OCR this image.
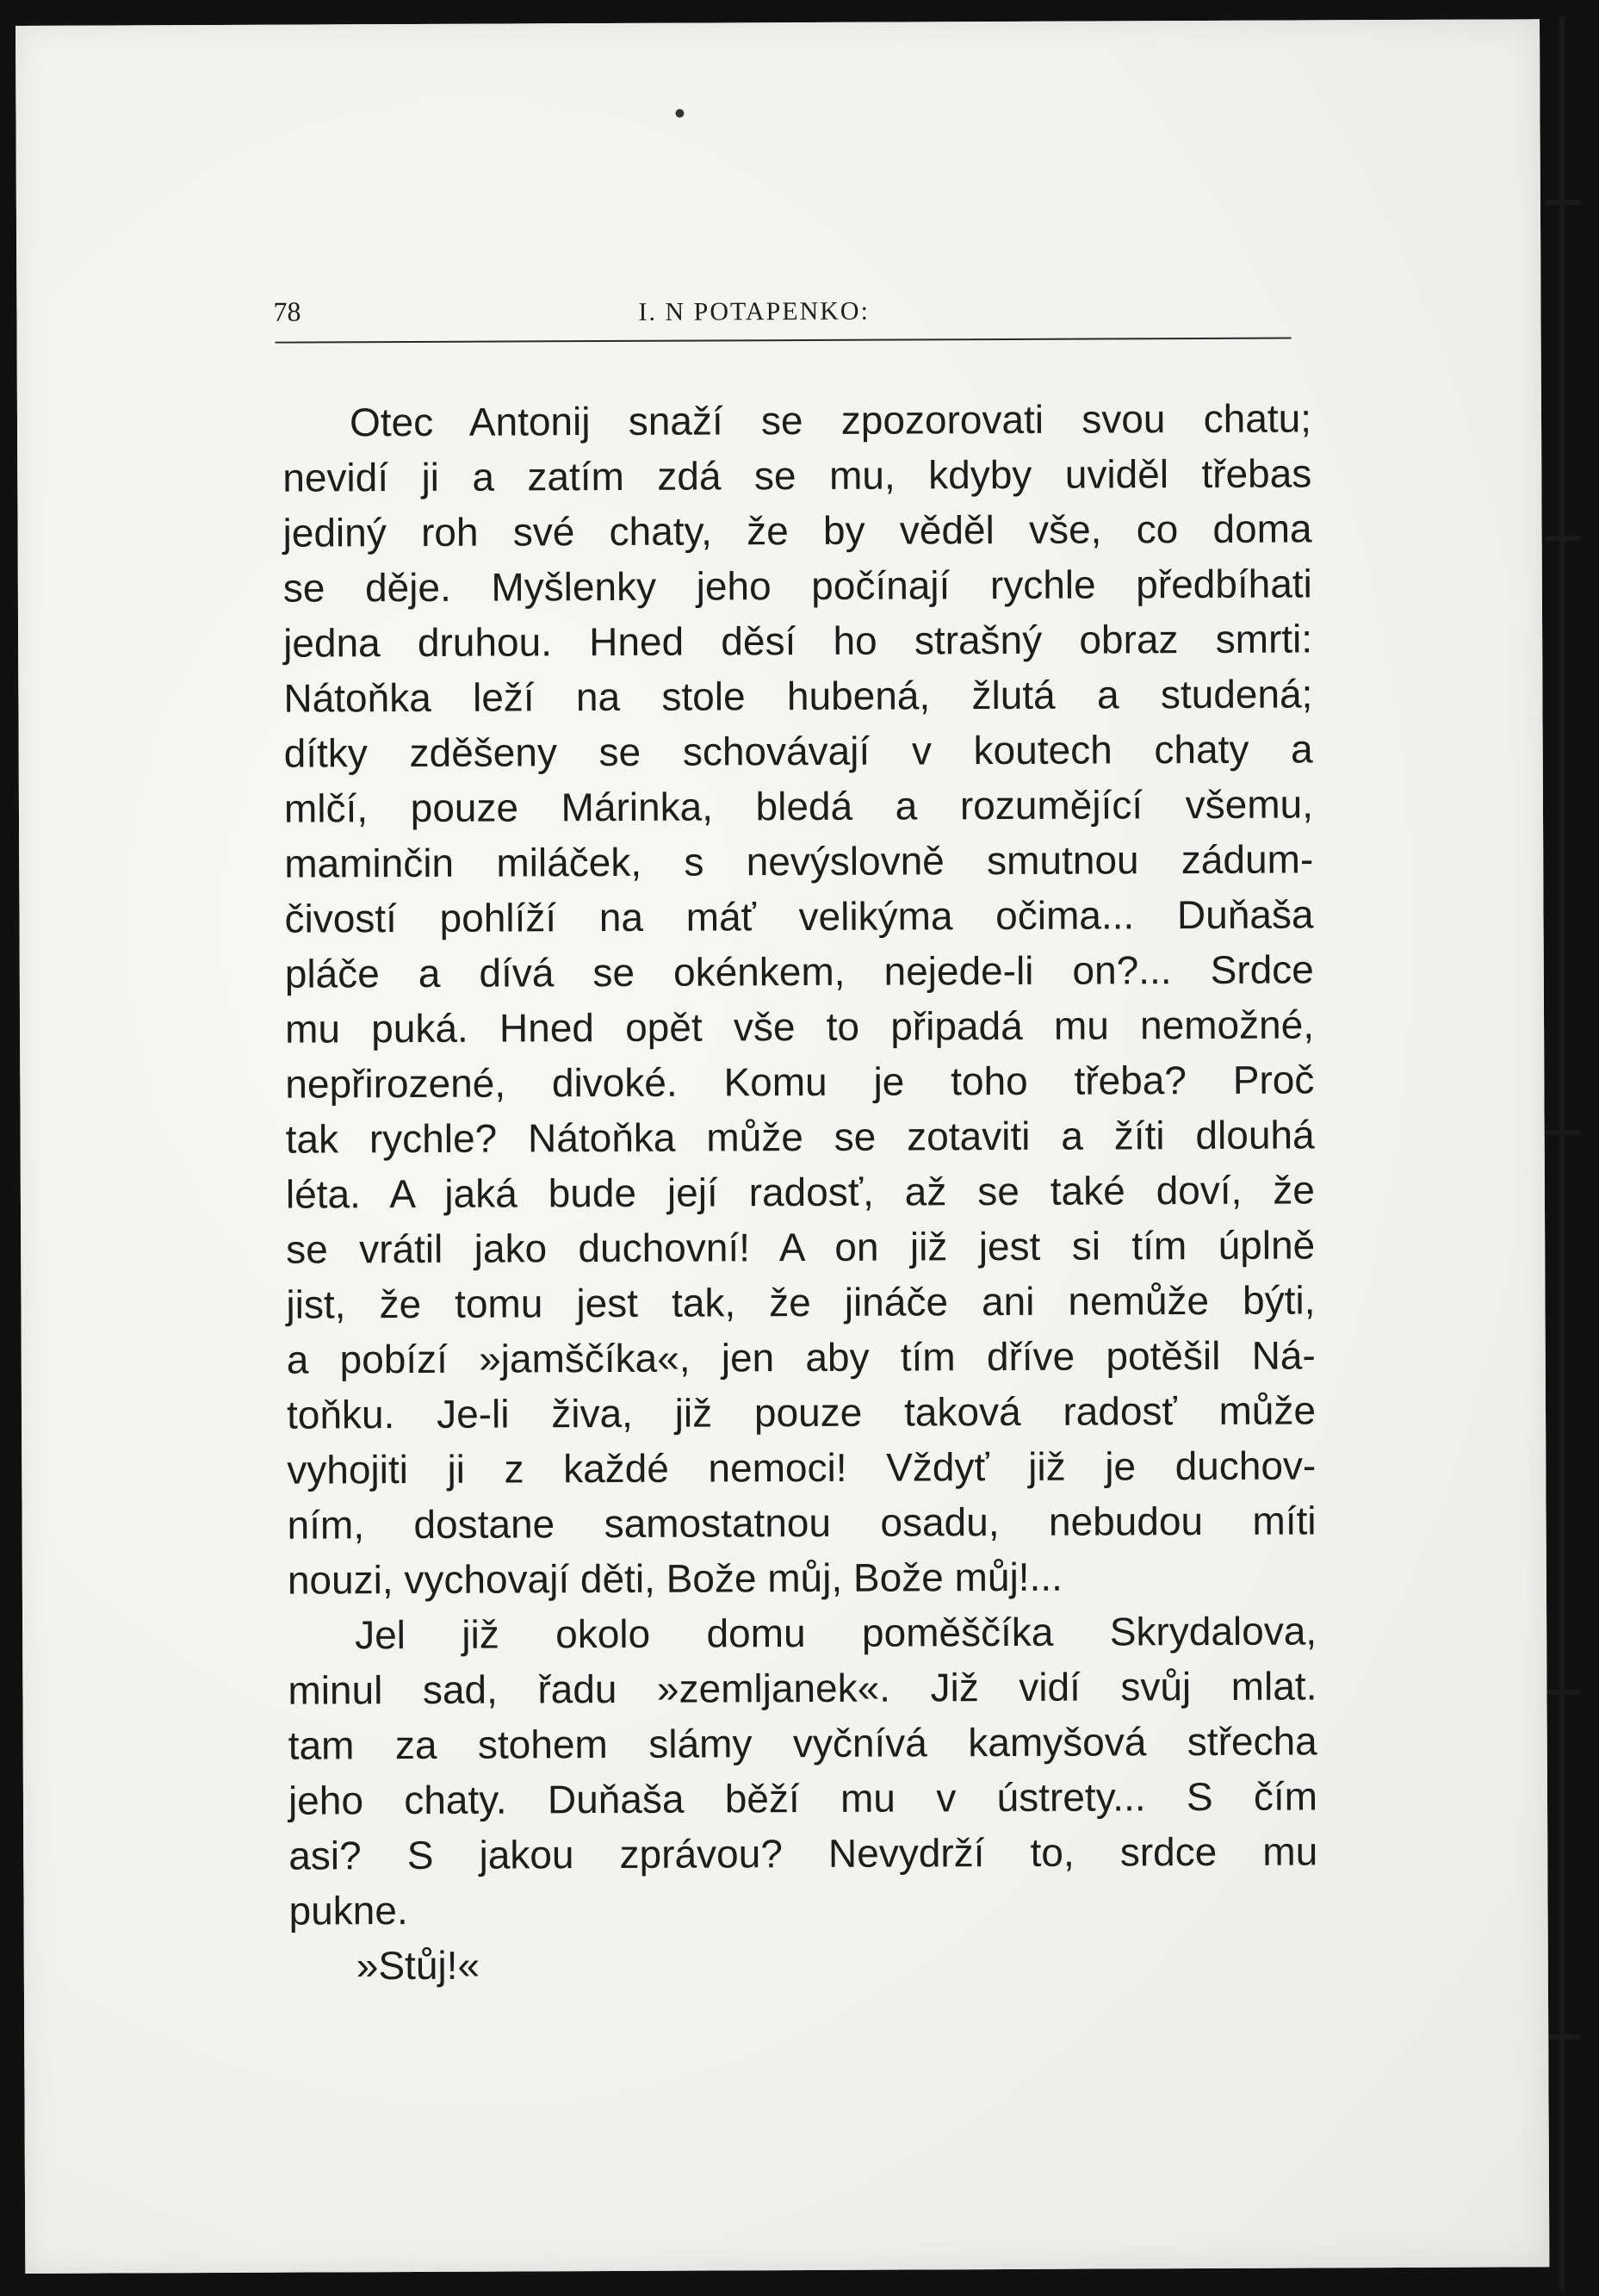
78	I. N POTAPENKO:
Otec Antonij snaží se zpozorovati svou chatu;
nevidí ji a zatím zdá se mu, kdyby uviděl třebas
jediný roh své chaty, že by věděl vše, co doma
se děje. Myšlenky jeho počínají rychle předbíhati
jedna druhou. Hned děsí ho strašný obraz smrti:
Nátoňka leží na stole hubená, žlutá a studená;
dítky zděšeny se schovávají v koutech chaty a
mlčí, pouze Márinka, bledá a rozumějící všemu,
maminčin miláček, s nevýslovně smutnou zádum-
čivostí pohlíží na máť velikýma očima... Duňaša
pláče a dívá se okénkem, nejede-li on?... Srdce
mu puká. Hned opět vše to připadá mu nemožné,
nepřirozené, divoké. Komu je toho třeba? Proč
tak rychle? Nátoňka může se zotaviti a žíti dlouhá
léta. A jaká bude její radosť, až se také doví, že
se vrátil jako duchovní! A on již jest si tím úplně
jist, že tomu jest tak, že jináče ani nemůže býti,
a pobízí »jamščíka«, jen aby tím dříve potěšil Ná-
toňku. Je-li živa, již pouze taková radosť může
vyhojiti ji z každé nemoci! Vždyť již je duchov-
ním, dostane samostatnou osadu, nebudou míti
nouzi, vychovají děti, Bože můj, Bože můj!...
Jel již okolo domu poměščíka Skrydalova,
minul sad, řadu »zemljanek«. Již vidí svůj mlat.
tam za stohem slámy vyčnívá kamyšová střecha
jeho chaty. Duňaša běží mu v ústrety... S čím
asi? S jakou zprávou? Nevydrží to, srdce mu
pukne.
»Stůj!«
